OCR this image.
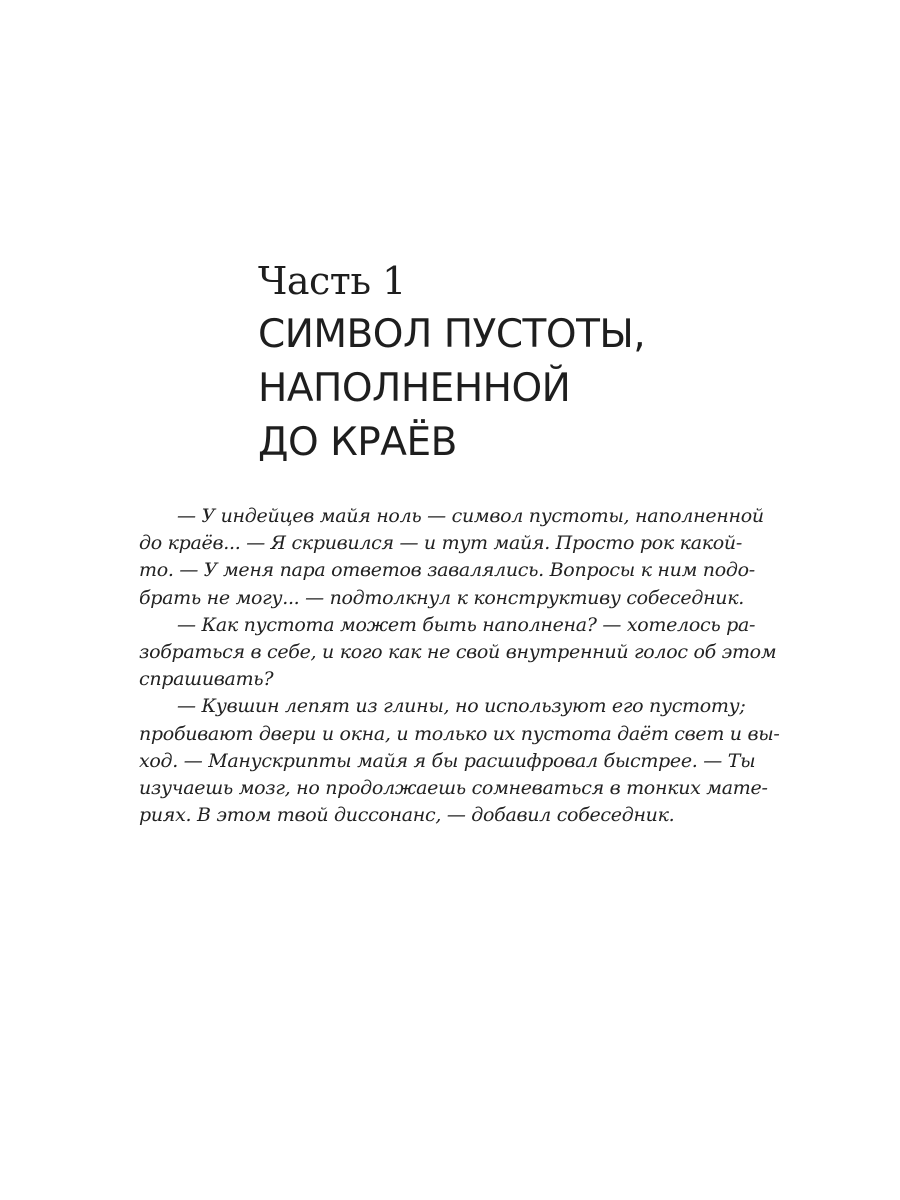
Часть 1
СИМВОЛ ПУСТОТЫ,
НАПОЛНЕННОЙ
ДО КРАЁВ
— У индейцев майя ноль — символ пустоты, наполненной
до краёв... — Я скривился — и тут майя. Просто рок какой-
то. — У меня пара ответов завалялись. Вопросы к ним подо-
брать не могу... — подтолкнул к конструктиву собеседник.
— Как пустота может быть наполнена? — хотелось ра-
зобраться в себе, и кого как не свой внутренний голос об этом
спрашивать?
— Кувшин лепят из глины, но используют его пустоту;
пробивают двери и окна, и только их пустота даёт свет и вы-
ход. — Манускрипты майя я бы расшифровал быстрее. — Ты
изучаешь мозг, но продолжаешь сомневаться в тонких мате-
риях. В этом твой диссонанс, — добавил собеседник.
